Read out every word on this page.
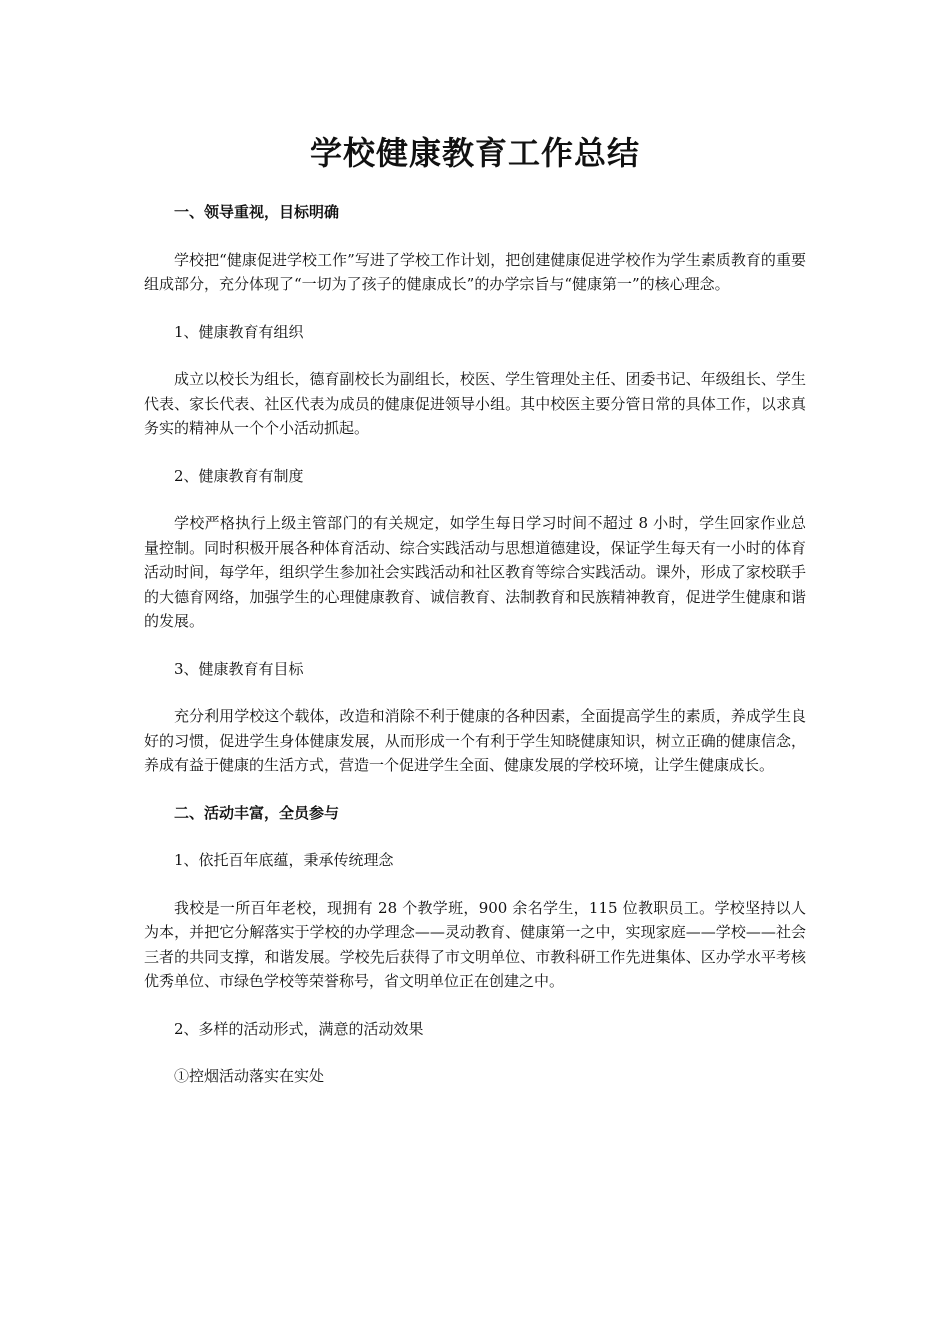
学校健康教育工作总结

一、领导重视，目标明确

学校把“健康促进学校工作”写进了学校工作计划，把创建健康促进学校作为学生素质教育的重要组成部分，充分体现了“一切为了孩子的健康成长”的办学宗旨与“健康第一”的核心理念。

1、健康教育有组织

成立以校长为组长，德育副校长为副组长，校医、学生管理处主任、团委书记、年级组长、学生代表、家长代表、社区代表为成员的健康促进领导小组。其中校医主要分管日常的具体工作，以求真务实的精神从一个个小活动抓起。

2、健康教育有制度

学校严格执行上级主管部门的有关规定，如学生每日学习时间不超过 8 小时，学生回家作业总量控制。同时积极开展各种体育活动、综合实践活动与思想道德建设，保证学生每天有一小时的体育活动时间，每学年，组织学生参加社会实践活动和社区教育等综合实践活动。课外，形成了家校联手的大德育网络，加强学生的心理健康教育、诚信教育、法制教育和民族精神教育，促进学生健康和谐的发展。

3、健康教育有目标

充分利用学校这个载体，改造和消除不利于健康的各种因素，全面提高学生的素质，养成学生良好的习惯，促进学生身体健康发展，从而形成一个有利于学生知晓健康知识，树立正确的健康信念，养成有益于健康的生活方式，营造一个促进学生全面、健康发展的学校环境，让学生健康成长。

二、活动丰富，全员参与

1、依托百年底蕴，秉承传统理念

我校是一所百年老校，现拥有 28 个教学班，900 余名学生，115 位教职员工。学校坚持以人为本，并把它分解落实于学校的办学理念——灵动教育、健康第一之中，实现家庭——学校——社会三者的共同支撑，和谐发展。学校先后获得了市文明单位、市教科研工作先进集体、区办学水平考核优秀单位、市绿色学校等荣誉称号，省文明单位正在创建之中。

2、多样的活动形式，满意的活动效果

①控烟活动落实在实处
